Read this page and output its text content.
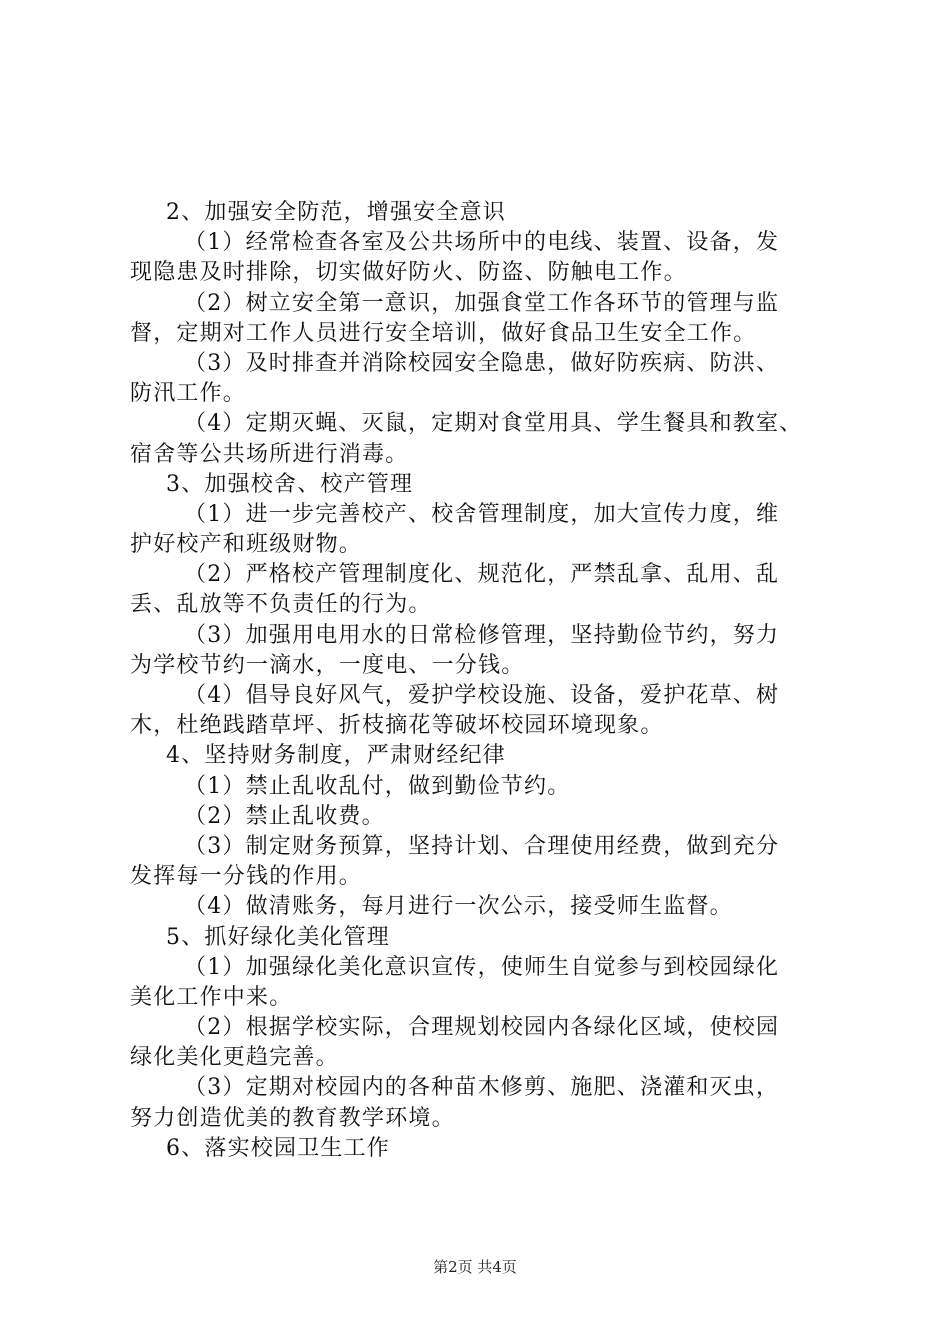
2、加强安全防范，增强安全意识
（1）经常检查各室及公共场所中的电线、装置、设备，发
现隐患及时排除，切实做好防火、防盗、防触电工作。
（2）树立安全第一意识，加强食堂工作各环节的管理与监
督，定期对工作人员进行安全培训，做好食品卫生安全工作。
（3）及时排查并消除校园安全隐患，做好防疾病、防洪、
防汛工作。
（4）定期灭蝇、灭鼠，定期对食堂用具、学生餐具和教室、
宿舍等公共场所进行消毒。
3、加强校舍、校产管理
（1）进一步完善校产、校舍管理制度，加大宣传力度，维
护好校产和班级财物。
（2）严格校产管理制度化、规范化，严禁乱拿、乱用、乱
丢、乱放等不负责任的行为。
（3）加强用电用水的日常检修管理，坚持勤俭节约，努力
为学校节约一滴水，一度电、一分钱。
（4）倡导良好风气，爱护学校设施、设备，爱护花草、树
木，杜绝践踏草坪、折枝摘花等破坏校园环境现象。
4、坚持财务制度，严肃财经纪律
（1）禁止乱收乱付，做到勤俭节约。
（2）禁止乱收费。
（3）制定财务预算，坚持计划、合理使用经费，做到充分
发挥每一分钱的作用。
（4）做清账务，每月进行一次公示，接受师生监督。
5、抓好绿化美化管理
（1）加强绿化美化意识宣传，使师生自觉参与到校园绿化
美化工作中来。
（2）根据学校实际，合理规划校园内各绿化区域，使校园
绿化美化更趋完善。
（3）定期对校园内的各种苗木修剪、施肥、浇灌和灭虫，
努力创造优美的教育教学环境。
6、落实校园卫生工作
第2页 共4页
